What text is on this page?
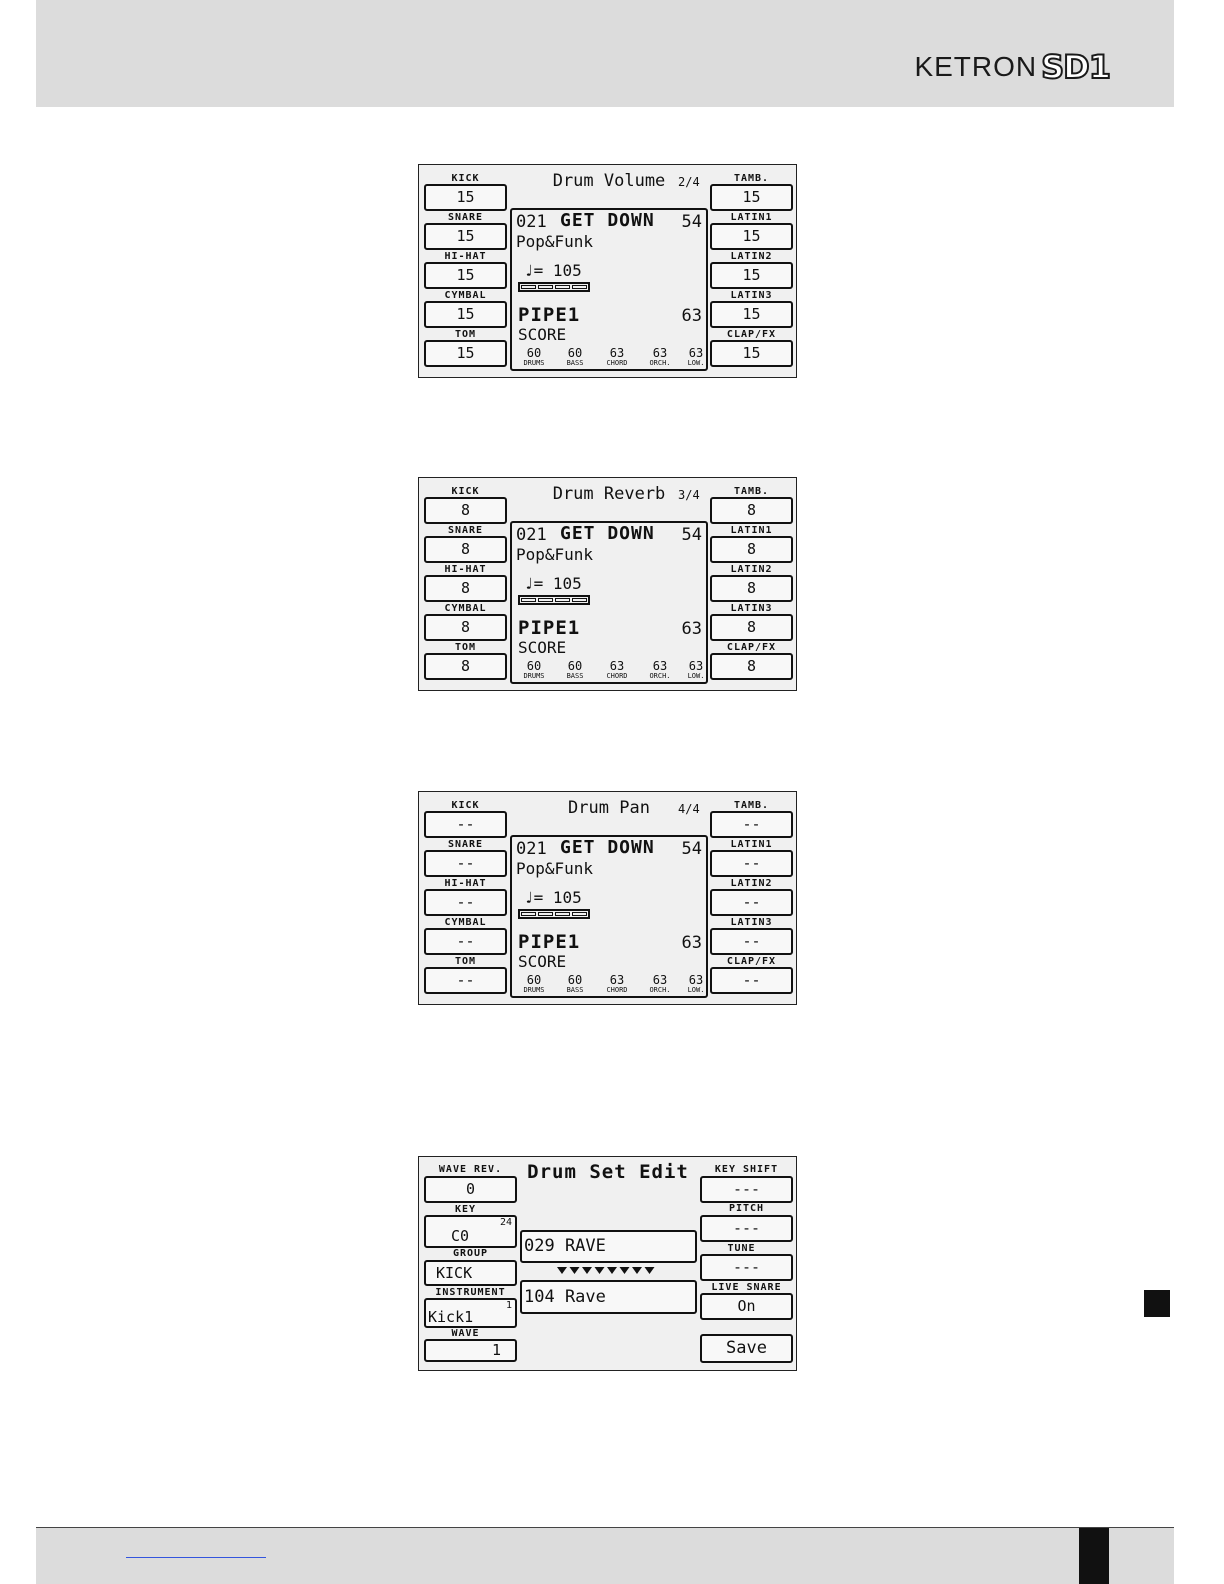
KETRON SD1
KICK
15
SNARE
15
HI-HAT
15
CYMBAL
15
TOM
15
TAMB.
15
LATIN1
15
LATIN2
15
LATIN3
15
CLAP/FX
15
Drum Volume	2/4
021 GET DOWN 54
Pop&Funk
♩= 105
PIPE1	63
SCORE
60
DRUMS
60
BASS
63
CHORD
63
ORCH.
63
LOW.
KICK
8
SNARE
8
HI-HAT
8
CYMBAL
8
TOM
8
TAMB.
8
LATIN1
8
LATIN2
8
LATIN3
8
CLAP/FX
8
Drum Reverb	3/4
021 GET DOWN 54
Pop&Funk
♩= 105
PIPE1	63
SCORE
60
DRUMS
60
BASS
63
CHORD
63
ORCH.
63
LOW.
KICK
--
SNARE
--
HI-HAT
--
CYMBAL
--
TOM
--
TAMB.
--
LATIN1
--
LATIN2
--
LATIN3
--
CLAP/FX
--
Drum Pan	4/4
021 GET DOWN 54
Pop&Funk
♩= 105
PIPE1	63
SCORE
60
DRUMS
60
BASS
63
CHORD
63
ORCH.
63
LOW.
WAVE REV.
0
KEY
24
C0
GROUP
KICK
INSTRUMENT
1
Kick1
WAVE
1
Drum Set Edit
029 RAVE
104 Rave
KEY SHIFT
---
PITCH
---
TUNE
---
LIVE SNARE
On
Save
